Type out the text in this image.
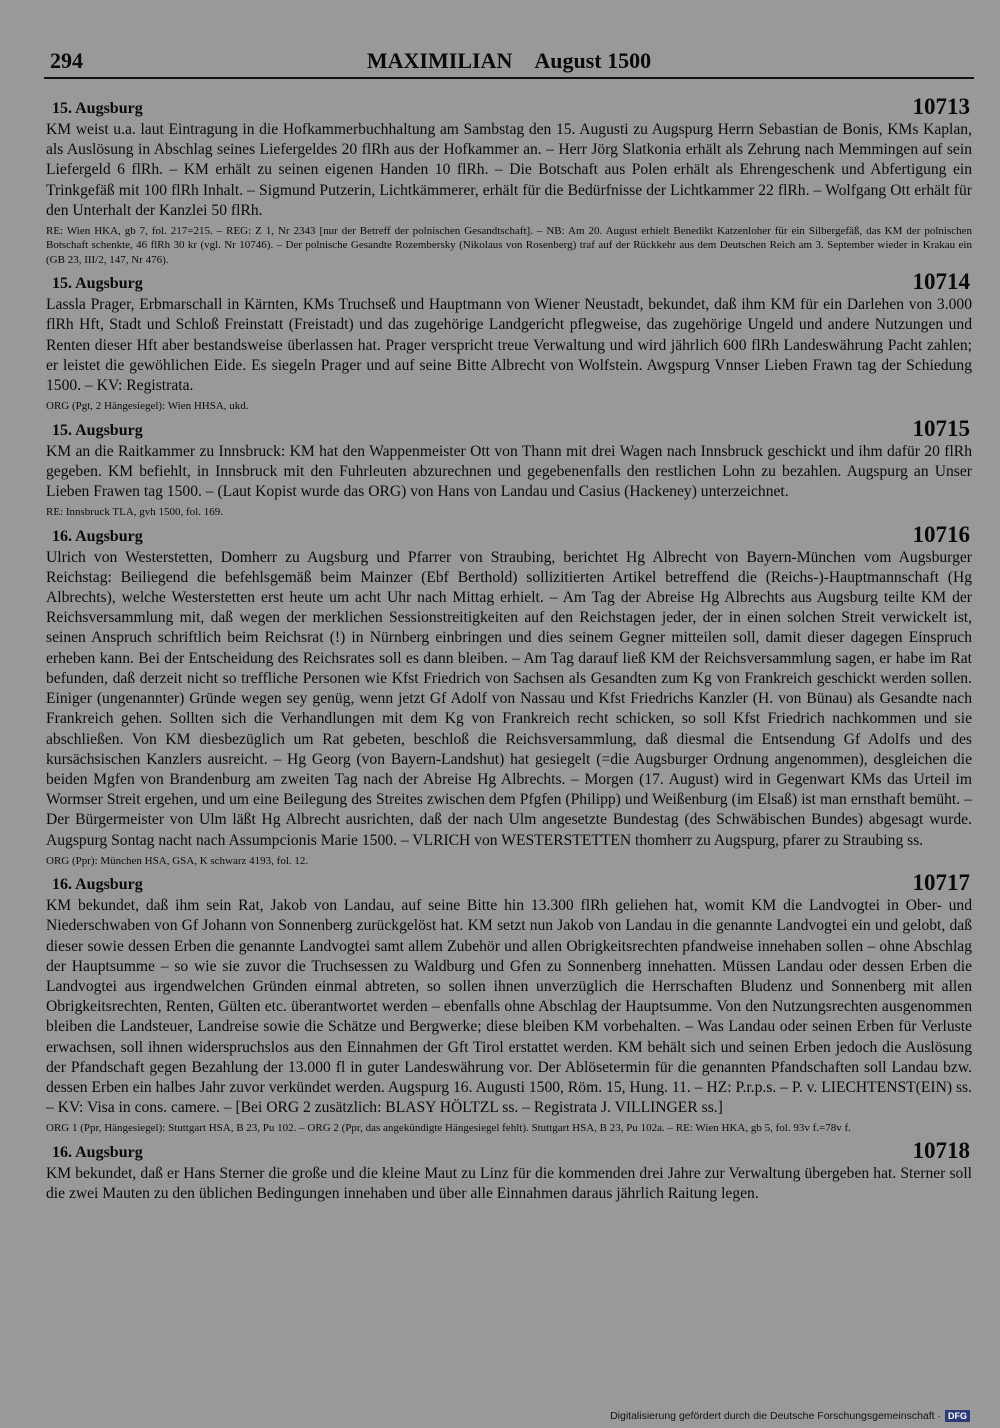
294	MAXIMILIAN August 1500
15. Augsburg	10713

KM weist u.a. laut Eintragung in die Hofkammerbuchhaltung am Sambstag den 15. Augusti zu Augspurg Herrn Sebastian de Bonis, KMs Kaplan, als Auslösung in Abschlag seines Liefergeldes 20 flRh aus der Hofkammer an. – Herr Jörg Slatkonia erhält als Zehrung nach Memmingen auf sein Liefergeld 6 flRh. – KM erhält zu seinen eigenen Handen 10 flRh. – Die Botschaft aus Polen erhält als Ehrengeschenk und Abfertigung ein Trinkgefäß mit 100 flRh Inhalt. – Sigmund Putzerin, Lichtkämmerer, erhält für die Bedürfnisse der Lichtkammer 22 flRh. – Wolfgang Ott erhält für den Unterhalt der Kanzlei 50 flRh.

RE: Wien HKA, gb 7, fol. 217=215. – REG: Z 1, Nr 2343 [nur der Betreff der polnischen Gesandtschaft]. – NB: Am 20. August erhielt Benedikt Katzenloher für ein Silbergefäß, das KM der polnischen Botschaft schenkte, 46 flRh 30 kr (vgl. Nr 10746). – Der polnische Gesandte Rozembersky (Nikolaus von Rosenberg) traf auf der Rückkehr aus dem Deutschen Reich am 3. September wieder in Krakau ein (GB 23, III/2, 147, Nr 476).

15. Augsburg	10714

Lassla Prager, Erbmarschall in Kärnten, KMs Truchseß und Hauptmann von Wiener Neustadt, bekundet, daß ihm KM für ein Darlehen von 3.000 flRh Hft, Stadt und Schloß Freinstatt (Freistadt) und das zugehörige Landgericht pflegweise, das zugehörige Ungeld und andere Nutzungen und Renten dieser Hft aber bestandsweise überlassen hat. Prager verspricht treue Verwaltung und wird jährlich 600 flRh Landeswährung Pacht zahlen; er leistet die gewöhlichen Eide. Es siegeln Prager und auf seine Bitte Albrecht von Wolfstein. Awgspurg Vnnser Lieben Frawn tag der Schiedung 1500. – KV: Registrata.

ORG (Pgt, 2 Hängesiegel): Wien HHSA, ukd.

15. Augsburg	10715

KM an die Raitkammer zu Innsbruck: KM hat den Wappenmeister Ott von Thann mit drei Wagen nach Innsbruck geschickt und ihm dafür 20 flRh gegeben. KM befiehlt, in Innsbruck mit den Fuhrleuten abzurechnen und gegebenenfalls den restlichen Lohn zu bezahlen. Augspurg an Unser Lieben Frawen tag 1500. – (Laut Kopist wurde das ORG) von Hans von Landau und Casius (Hackeney) unterzeichnet.

RE: Innsbruck TLA, gvh 1500, fol. 169.

16. Augsburg	10716

Ulrich von Westerstetten, Domherr zu Augsburg und Pfarrer von Straubing, berichtet Hg Albrecht von Bayern-München vom Augsburger Reichstag: Beiliegend die befehlsgemäß beim Mainzer (Ebf Berthold) sollizitierten Artikel betreffend die (Reichs-)-Hauptmannschaft (Hg Albrechts), welche Westerstetten erst heute um acht Uhr nach Mittag erhielt. – Am Tag der Abreise Hg Albrechts aus Augsburg teilte KM der Reichsversammlung mit, daß wegen der merklichen Sessionstreitigkeiten auf den Reichstagen jeder, der in einen solchen Streit verwickelt ist, seinen Anspruch schriftlich beim Reichsrat (!) in Nürnberg einbringen und dies seinem Gegner mitteilen soll, damit dieser dagegen Einspruch erheben kann. Bei der Entscheidung des Reichsrates soll es dann bleiben. – Am Tag darauf ließ KM der Reichsversammlung sagen, er habe im Rat befunden, daß derzeit nicht so treffliche Personen wie Kfst Friedrich von Sachsen als Gesandten zum Kg von Frankreich geschickt werden sollen. Einiger (ungenannter) Gründe wegen sey genüg, wenn jetzt Gf Adolf von Nassau und Kfst Friedrichs Kanzler (H. von Bünau) als Gesandte nach Frankreich gehen. Sollten sich die Verhandlungen mit dem Kg von Frankreich recht schicken, so soll Kfst Friedrich nachkommen und sie abschließen. Von KM diesbezüglich um Rat gebeten, beschloß die Reichsversammlung, daß diesmal die Entsendung Gf Adolfs und des kursächsischen Kanzlers ausreicht. – Hg Georg (von Bayern-Landshut) hat gesiegelt (=die Augsburger Ordnung angenommen), desgleichen die beiden Mgfen von Brandenburg am zweiten Tag nach der Abreise Hg Albrechts. – Morgen (17. August) wird in Gegenwart KMs das Urteil im Wormser Streit ergehen, und um eine Beilegung des Streites zwischen dem Pfgfen (Philipp) und Weißenburg (im Elsaß) ist man ernsthaft bemüht. – Der Bürgermeister von Ulm läßt Hg Albrecht ausrichten, daß der nach Ulm angesetzte Bundestag (des Schwäbischen Bundes) abgesagt wurde. Augspurg Sontag nacht nach Assumpcionis Marie 1500. – VLRICH von WESTERSTETTEN thomherr zu Augspurg, pfarer zu Straubing ss.

ORG (Ppr): München HSA, GSA, K schwarz 4193, fol. 12.

16. Augsburg	10717

KM bekundet, daß ihm sein Rat, Jakob von Landau, auf seine Bitte hin 13.300 flRh geliehen hat, womit KM die Landvogtei in Ober- und Niederschwaben von Gf Johann von Sonnenberg zurückgelöst hat. KM setzt nun Jakob von Landau in die genannte Landvogtei ein und gelobt, daß dieser sowie dessen Erben die genannte Landvogtei samt allem Zubehör und allen Obrigkeitsrechten pfandweise innehaben sollen – ohne Abschlag der Hauptsumme – so wie sie zuvor die Truchsessen zu Waldburg und Gfen zu Sonnenberg innehatten. Müssen Landau oder dessen Erben die Landvogtei aus irgendwelchen Gründen einmal abtreten, so sollen ihnen unverzüglich die Herrschaften Bludenz und Sonnenberg mit allen Obrigkeitsrechten, Renten, Gülten etc. überantwortet werden – ebenfalls ohne Abschlag der Hauptsumme. Von den Nutzungsrechten ausgenommen bleiben die Landsteuer, Landreise sowie die Schätze und Bergwerke; diese bleiben KM vorbehalten. – Was Landau oder seinen Erben für Verluste erwachsen, soll ihnen widerspruchslos aus den Einnahmen der Gft Tirol erstattet werden. KM behält sich und seinen Erben jedoch die Auslösung der Pfandschaft gegen Bezahlung der 13.000 fl in guter Landeswährung vor. Der Ablösetermin für die genannten Pfandschaften soll Landau bzw. dessen Erben ein halbes Jahr zuvor verkündet werden. Augspurg 16. Augusti 1500, Röm. 15, Hung. 11. – HZ: P.r.p.s. – P. v. LIECHTENST(EIN) ss. – KV: Visa in cons. camere. – [Bei ORG 2 zusätzlich: BLASY HÖLTZL ss. – Registrata J. VILLINGER ss.]

ORG 1 (Ppr, Hängesiegel): Stuttgart HSA, B 23, Pu 102. – ORG 2 (Ppr, das angekündigte Hängesiegel fehlt). Stuttgart HSA, B 23, Pu 102a. – RE: Wien HKA, gb 5, fol. 93v f.=78v f.

16. Augsburg	10718

KM bekundet, daß er Hans Sterner die große und die kleine Maut zu Linz für die kommenden drei Jahre zur Verwaltung übergeben hat. Sterner soll die zwei Mauten zu den üblichen Bedingungen innehaben und über alle Einnahmen daraus jährlich Raitung legen.

Digitalisierung gefördert durch die Deutsche Forschungsgemeinschaft · DFG
